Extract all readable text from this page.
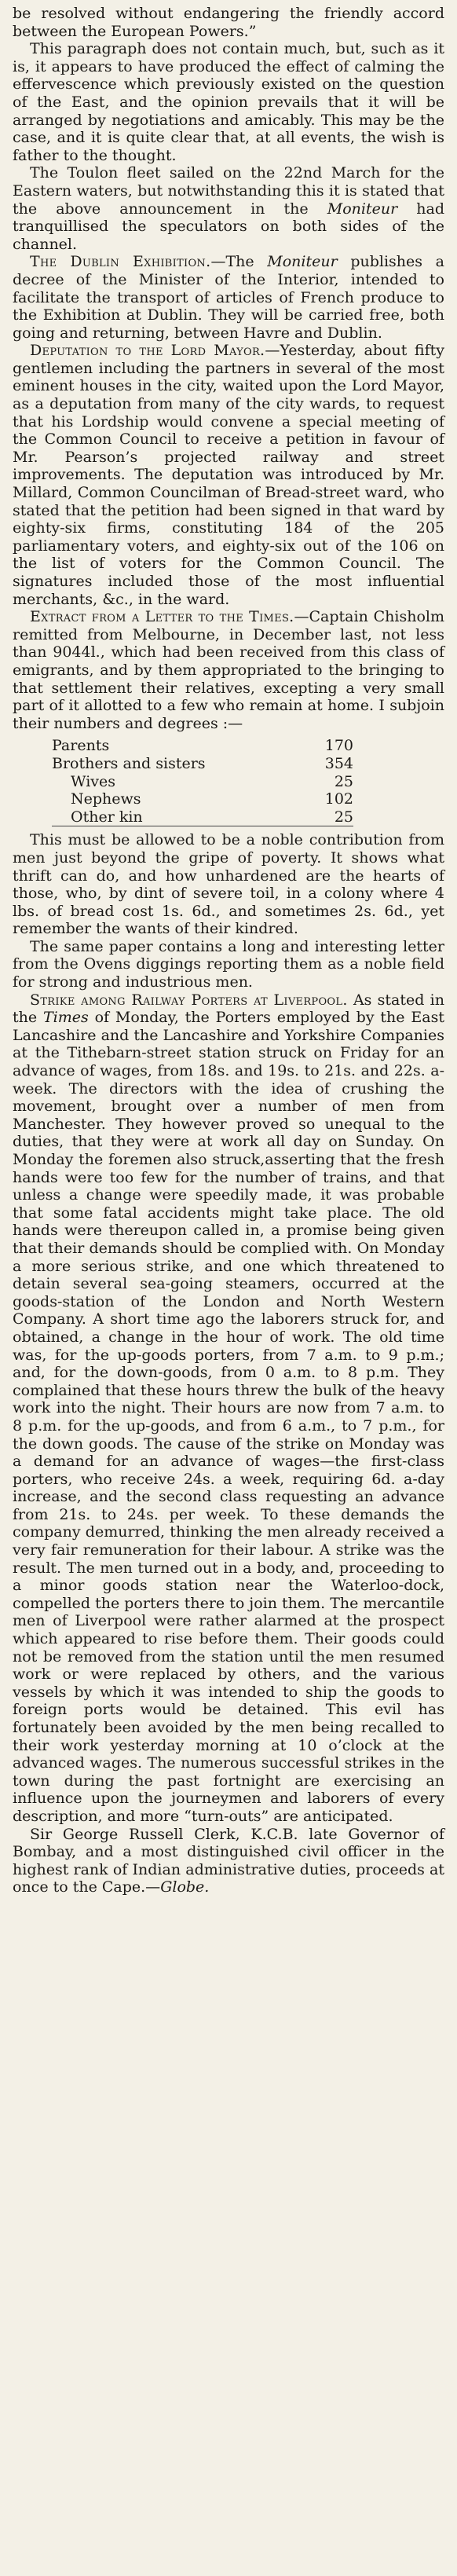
be resolved without endangering the friendly accord between the European Powers.”

This paragraph does not contain much, but, such as it is, it appears to have produced the effect of calming the effervescence which previously existed on the question of the East, and the opinion prevails that it will be arranged by negotiations and amicably. This may be the case, and it is quite clear that, at all events, the wish is father to the thought.

The Toulon fleet sailed on the 22nd March for the Eastern waters, but notwithstanding this it is stated that the above announcement in the Moniteur had tranquillised the speculators on both sides of the channel.

The Dublin Exhibition.—The Moniteur publishes a decree of the Minister of the Interior, intended to facilitate the transport of articles of French produce to the Exhibition at Dublin. They will be carried free, both going and returning, between Havre and Dublin.

Deputation to the Lord Mayor.—Yesterday, about fifty gentlemen including the partners in several of the most eminent houses in the city, waited upon the Lord Mayor, as a deputation from many of the city wards, to request that his Lordship would convene a special meeting of the Common Council to receive a petition in favour of Mr. Pearson’s projected railway and street improvements. The deputation was introduced by Mr. Millard, Common Councilman of Bread-street ward, who stated that the petition had been signed in that ward by eighty-six firms, constituting 184 of the 205 parliamentary voters, and eighty-six out of the 106 on the list of voters for the Common Council. The signatures included those of the most influential merchants, &c., in the ward.

Extract from a Letter to the Times.—Captain Chisholm remitted from Melbourne, in December last, not less than 9044l., which had been received from this class of emigrants, and by them appropriated to the bringing to that settlement their relatives, excepting a very small part of it allotted to a few who remain at home. I subjoin their numbers and degrees :—

Parents	170
Brothers and sisters	354
Wives	25
Nephews	102
Other kin	25

This must be allowed to be a noble contribution from men just beyond the gripe of poverty. It shows what thrift can do, and how unhardened are the hearts of those, who, by dint of severe toil, in a colony where 4 lbs. of bread cost 1s. 6d., and sometimes 2s. 6d., yet remember the wants of their kindred.

The same paper contains a long and interesting letter from the Ovens diggings reporting them as a noble field for strong and industrious men.

Strike among Railway Porters at Liverpool. As stated in the Times of Monday, the Porters employed by the East Lancashire and the Lancashire and Yorkshire Companies at the Tithebarn-street station struck on Friday for an advance of wages, from 18s. and 19s. to 21s. and 22s. a-week. The directors with the idea of crushing the movement, brought over a number of men from Manchester. They however proved so unequal to the duties, that they were at work all day on Sunday. On Monday the foremen also struck,asserting that the fresh hands were too few for the number of trains, and that unless a change were speedily made, it was probable that some fatal accidents might take place. The old hands were thereupon called in, a promise being given that their demands should be complied with. On Monday a more serious strike, and one which threatened to detain several sea-going steamers, occurred at the goods-station of the London and North Western Company. A short time ago the laborers struck for, and obtained, a change in the hour of work. The old time was, for the up-goods porters, from 7 a.m. to 9 p.m.; and, for the down-goods, from 0 a.m. to 8 p.m. They complained that these hours threw the bulk of the heavy work into the night. Their hours are now from 7 a.m. to 8 p.m. for the up-goods, and from 6 a.m., to 7 p.m., for the down goods. The cause of the strike on Monday was a demand for an advance of wages—the first-class porters, who receive 24s. a week, requiring 6d. a-day increase, and the second class requesting an advance from 21s. to 24s. per week. To these demands the company demurred, thinking the men already received a very fair remuneration for their labour. A strike was the result. The men turned out in a body, and, proceeding to a minor goods station near the Waterloo-dock, compelled the porters there to join them. The mercantile men of Liverpool were rather alarmed at the prospect which appeared to rise before them. Their goods could not be removed from the station until the men resumed work or were replaced by others, and the various vessels by which it was intended to ship the goods to foreign ports would be detained. This evil has fortunately been avoided by the men being recalled to their work yesterday morning at 10 o’clock at the advanced wages. The numerous successful strikes in the town during the past fortnight are exercising an influence upon the journeymen and laborers of every description, and more “turn-outs” are anticipated.

Sir George Russell Clerk, K.C.B. late Governor of Bombay, and a most distinguished civil officer in the highest rank of Indian administrative duties, proceeds at once to the Cape.—Globe.
